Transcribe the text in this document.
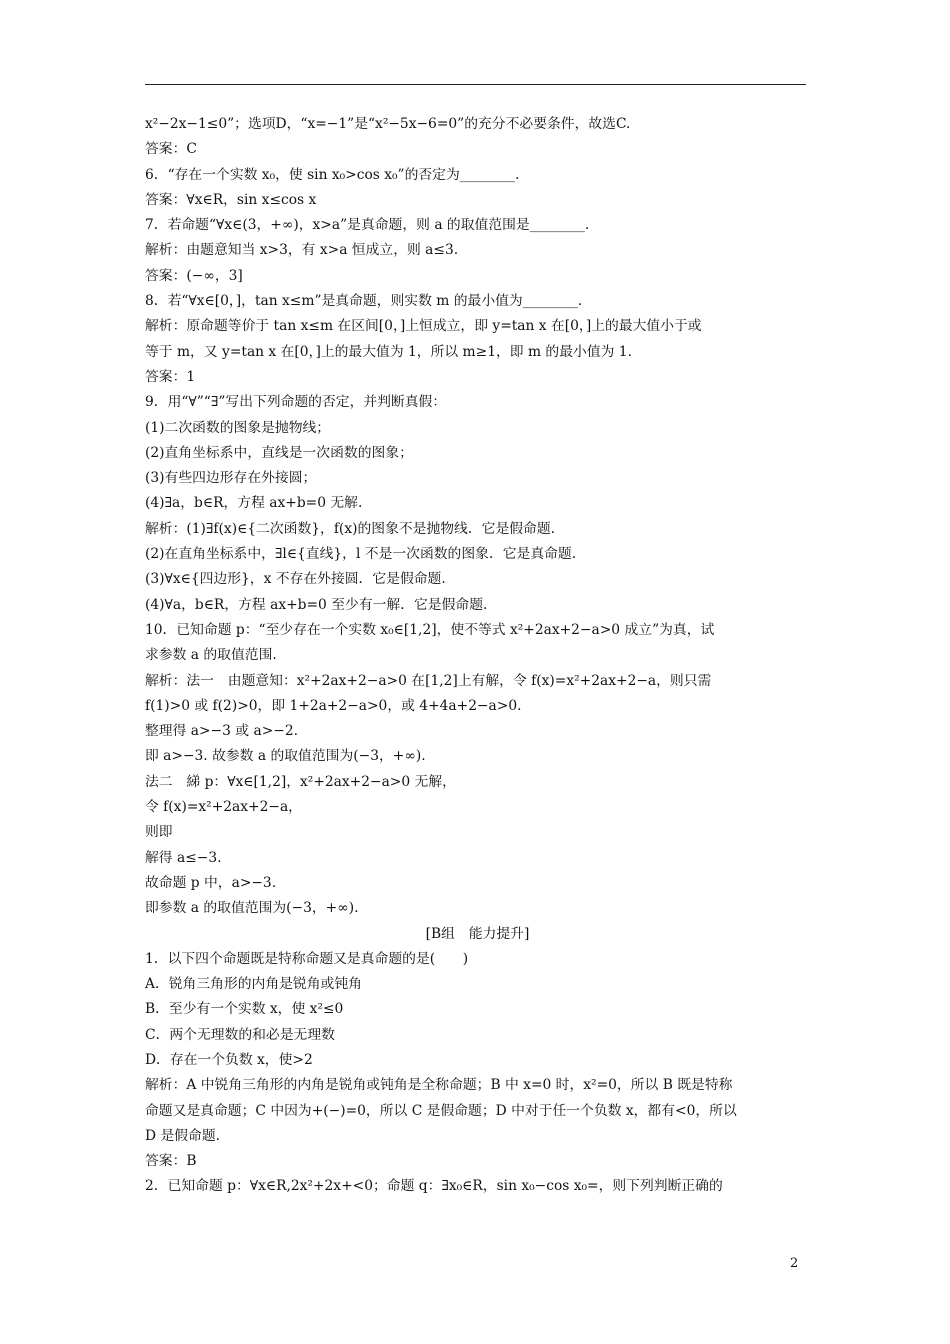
x²−2x−1≤0”；选项D，“x=−1”是“x²−5x−6=0”的充分不必要条件，故选C.
答案：C
6．“存在一个实数 x₀，使 sin x₀>cos x₀”的否定为________.
答案：∀x∈R，sin x≤cos x
7．若命题“∀x∈(3，+∞)，x>a”是真命题，则 a 的取值范围是________.
解析：由题意知当 x>3，有 x>a 恒成立，则 a≤3.
答案：(−∞，3]
8．若“∀x∈[0，]，tan x≤m”是真命题，则实数 m 的最小值为________.
解析：原命题等价于 tan x≤m 在区间[0，]上恒成立，即 y=tan x 在[0，]上的最大值小于或
等于 m，又 y=tan x 在[0，]上的最大值为 1，所以 m≥1，即 m 的最小值为 1.
答案：1
9．用“∀”“∃”写出下列命题的否定，并判断真假：
(1)二次函数的图象是抛物线；
(2)直角坐标系中，直线是一次函数的图象；
(3)有些四边形存在外接圆；
(4)∃a，b∈R，方程 ax+b=0 无解.
解析：(1)∃f(x)∈{二次函数}，f(x)的图象不是抛物线．它是假命题.
(2)在直角坐标系中，∃l∈{直线}，l 不是一次函数的图象．它是真命题.
(3)∀x∈{四边形}，x 不存在外接圆．它是假命题.
(4)∀a，b∈R，方程 ax+b=0 至少有一解．它是假命题.
10．已知命题 p：“至少存在一个实数 x₀∈[1,2]，使不等式 x²+2ax+2−a>0 成立”为真，试
求参数 a 的取值范围.
解析：法一　由题意知：x²+2ax+2−a>0 在[1,2]上有解，令 f(x)=x²+2ax+2−a，则只需
f(1)>0 或 f(2)>0，即 1+2a+2−a>0，或 4+4a+2−a>0.
整理得 a>−3 或 a>−2.
即 a>−3. 故参数 a 的取值范围为(−3，+∞).
法二　綈 p：∀x∈[1,2]，x²+2ax+2−a>0 无解，
令 f(x)=x²+2ax+2−a，
则即
解得 a≤−3.
故命题 p 中，a>−3.
即参数 a 的取值范围为(−3，+∞).
[B组　能力提升]
1．以下四个命题既是特称命题又是真命题的是(　　)
A．锐角三角形的内角是锐角或钝角
B．至少有一个实数 x，使 x²≤0
C．两个无理数的和必是无理数
D．存在一个负数 x，使>2
解析：A 中锐角三角形的内角是锐角或钝角是全称命题；B 中 x=0 时，x²=0，所以 B 既是特称
命题又是真命题；C 中因为+(−)=0，所以 C 是假命题；D 中对于任一个负数 x，都有<0，所以
D 是假命题.
答案：B
2．已知命题 p：∀x∈R,2x²+2x+<0；命题 q：∃x₀∈R，sin x₀−cos x₀=，则下列判断正确的
2
